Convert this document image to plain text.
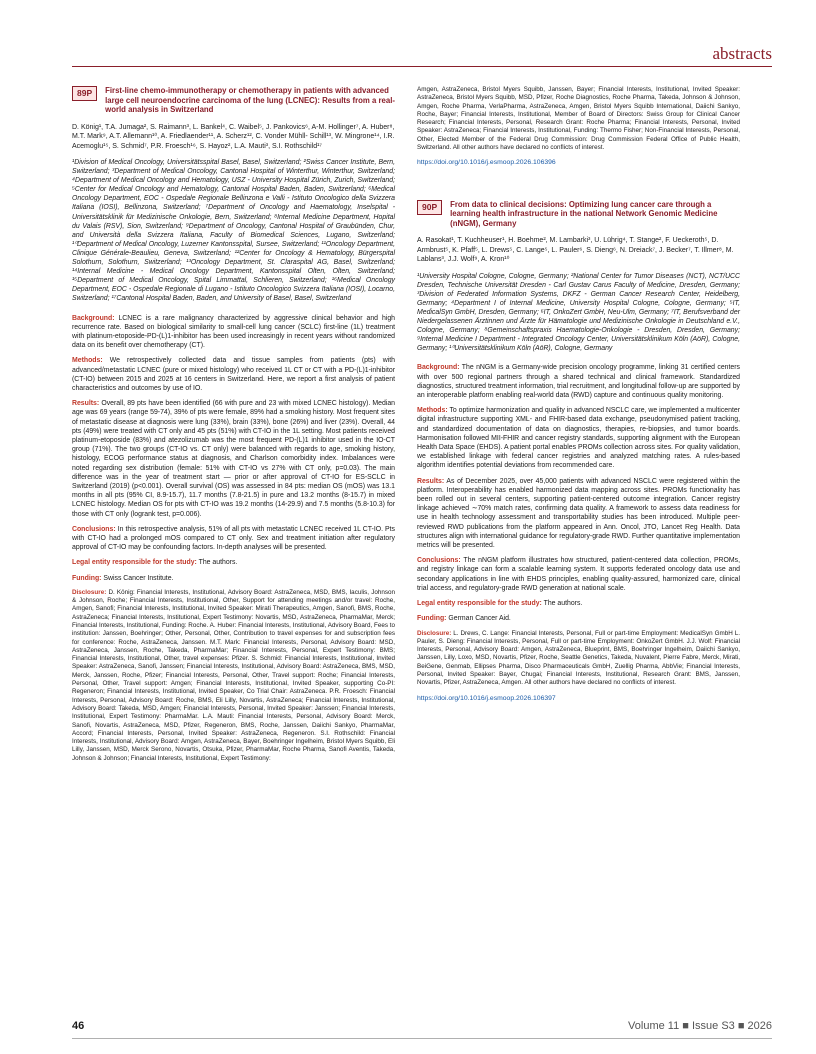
abstracts
89P	First-line chemo-immunotherapy or chemotherapy in patients with advanced large cell neuroendocrine carcinoma of the lung (LCNEC): Results from a real-world analysis in Switzerland
D. König¹, T.A. Jumaga², S. Raimann³, L. Bankel⁴, C. Waibel⁵, J. Pankovics⁶, A-M. Hollinger⁷, A. Huber⁸, M.T. Mark⁹, A.T. Allemann¹⁰, A. Friedlaender¹¹, A. Scherz¹², C. Vonder Mühll- Schill¹³, W. Mingrone¹⁴, I.R. Acemoglu¹⁵, S. Schmid⁷, P.R. Froesch¹⁶, S. Hayoz², L.A. Mauti³, S.I. Rothschild¹⁷
¹Division of Medical Oncology, Universitätsspital Basel, Basel, Switzerland; ²Swiss Cancer Institute, Bern, Switzerland; ³Department of Medical Oncology, Cantonal Hospital of Winterthur, Winterthur, Switzerland; ⁴Department of Medical Oncology and Hematology, USZ - University Hospital Zürich, Zurich, Switzerland; ⁵Center for Medical Oncology and Hematology, Cantonal Hospital Baden, Baden, Switzerland; ⁶Medical Oncology Department, EOC - Ospedale Regionale Bellinzona e Valli - Istituto Oncologico della Svizzera Italiana (IOSI), Bellinzona, Switzerland; ⁷Department of Oncology and Haematology, Inselspital - Universitätsklinik für Medizinische Onkologie, Bern, Switzerland; ⁸Internal Medicine Department, Hopital du Valais (RSV), Sion, Switzerland; ⁹Department of Oncology, Cantonal Hospital of Graubünden, Chur, and Università della Svizzera Italiana, Faculty of Biomedical Sciences, Lugano, Switzerland; ¹⁰Department of Medical Oncology, Luzerner Kantonsspital, Sursee, Switzerland; ¹¹Oncology Department, Clinique Générale-Beaulieu, Geneva, Switzerland; ¹²Center for Oncology & Hematology, Bürgerspital Solothurn, Solothurn, Switzerland; ¹³Oncology Department, St. Claraspital AG, Basel, Switzerland; ¹⁴Internal Medicine - Medical Oncology Department, Kantonsspital Olten, Olten, Switzerland; ¹⁵Department of Medical Oncology, Spital Limmattal, Schlieren, Switzerland; ¹⁶Medical Oncology Department, EOC - Ospedale Regionale di Lugano - Istituto Oncologico Svizzera Italiana (IOSI), Locarno, Switzerland; ¹⁷Cantonal Hospital Baden, Baden, and University of Basel, Basel, Switzerland

Background: LCNEC is a rare malignancy characterized by aggressive clinical behavior and high recurrence rate. Based on biological similarity to small-cell lung cancer (SCLC) first-line (1L) treatment with platinum-etoposide-PD-(L)1-inhibitor has been used increasingly in recent years without randomized data on its benefit over chemotherapy (CT).

Methods: We retrospectively collected data and tissue samples from patients (pts) with advanced/metastatic LCNEC (pure or mixed histology) who received 1L CT or CT with a PD-(L)1-inhibitor (CT-IO) between 2015 and 2025 at 16 centers in Switzerland. Here, we report a first analysis of patient characteristics and outcomes by use of IO.

Results: Overall, 89 pts have been identified (66 with pure and 23 with mixed LCNEC histology). Median age was 69 years (range 59-74), 39% of pts were female, 89% had a smoking history. Most frequent sites of metastatic disease at diagnosis were lung (33%), brain (33%), bone (26%) and liver (23%). Overall, 44 pts (49%) were treated with CT only and 45 pts (51%) with CT-IO in the 1L setting. Most patients received platinum-etoposide (83%) and atezolizumab was the most frequent PD-(L)1 inhibitor used in the IO-CT group (71%). The two groups (CT-IO vs. CT only) were balanced with regards to age, smoking history, histology, ECOG performance status at diagnosis, and Charlson comorbidity index. Imbalances were noted regarding sex distribution (female: 51% with CT-IO vs 27% with CT only, p=0.03). The main difference was in the year of treatment start — prior or after approval of CT-IO for ES-SCLC in Switzerland (2019) (p<0.001). Overall survival (OS) was assessed in 84 pts: median OS (mOS) was 13.1 months in all pts (95% CI, 8.9-15.7), 11.7 months (7.8-21.5) in pure and 13.2 months (8-15.7) in mixed LCNEC histology. Median OS for pts with CT-IO was 19.2 months (14-29.9) and 7.5 months (5.8-10.3) for those with CT only (logrank test, p=0.006).

Conclusions: In this retrospective analysis, 51% of all pts with metastatic LCNEC received 1L CT-IO. Pts with CT-IO had a prolonged mOS compared to CT only. Sex and treatment initiation after regulatory approval of CT-IO may be confounding factors. In-depth analyses will be presented.

Legal entity responsible for the study: The authors.

Funding: Swiss Cancer Institute.

Disclosure: D. König: Financial Interests, Institutional, Advisory Board: AstraZeneca, MSD, BMS, Iaculis, Johnson & Johnson, Roche; Financial Interests, Institutional, Other, Support for attending meetings and/or travel: Roche, Amgen, Sanofi; Financial Interests, Institutional, Invited Speaker: Mirati Therapeutics, Amgen, Sanofi, BMS, Roche, AstraZeneca; Financial Interests, Institutional, Expert Testimony: Novartis, MSD, AstraZeneca, PharmaMar, Merck; Financial Interests, Institutional, Funding: Roche. A. Huber: Financial Interests, Institutional, Advisory Board, Fees to institution: Janssen, Boehringer; Other, Personal, Other, Contribution to travel expenses for and subscription fees for conference: Roche, AstraZeneca, Janssen. M.T. Mark: Financial Interests, Personal, Advisory Board: MSD, AstraZeneca, Janssen, Roche, Takeda, PharmaMar; Financial Interests, Personal, Expert Testimony: BMS; Financial Interests, Institutional, Other, travel expenses: Pfizer. S. Schmid: Financial Interests, Institutional, Invited Speaker: AstraZeneca, Sanofi, Janssen; Financial Interests, Institutional, Advisory Board: AstraZeneca, BMS, MSD, Merck, Janssen, Roche, Pfizer; Financial Interests, Personal, Other, Travel support: Roche; Financial Interests, Personal, Other, Travel support: Amgen; Financial Interests, Institutional, Invited Speaker, supporting Co-PI: Regeneron; Financial Interests, Institutional, Invited Speaker, Co Trial Chair: AstraZeneca. P.R. Froesch: Financial Interests, Personal, Advisory Board: Roche, BMS, Eli Lilly, Novartis, AstraZeneca; Financial Interests, Institutional, Advisory Board: Takeda, MSD, Amgen; Financial Interests, Personal, Invited Speaker: Janssen; Financial Interests, Institutional, Expert Testimony: PharmaMar. L.A. Mauti: Financial Interests, Personal, Advisory Board: Merck, Sanofi, Novartis, AstraZeneca, MSD, Pfizer, Regeneron, BMS, Roche, Janssen, Daiichi Sankyo, PharmaMar, Accord; Financial Interests, Personal, Invited Speaker: AstraZeneca, Regeneron. S.I. Rothschild: Financial Interests, Institutional, Advisory Board: Amgen, AstraZeneca, Bayer, Boehringer Ingelheim, Bristol Myers Squibb, Eli Lilly, Janssen, MSD, Merck Serono, Novartis, Otsuka, Pfizer, PharmaMar, Roche Pharma, Sanofi Aventis, Takeda, Johnson & Johnson; Financial Interests, Institutional, Expert Testimony:

Amgen, AstraZeneca, Bristol Myers Squibb, Janssen, Bayer; Financial Interests, Institutional, Invited Speaker: AstraZeneca, Bristol Myers Squibb, MSD, Pfizer, Roche Diagnostics, Roche Pharma, Takeda, Johnson & Johnson, Amgen, Roche Pharma, VerlaPharma, AstraZeneca, Amgen, Bristol Myers Squibb International, Daiichi Sankyo, Roche, Bayer; Financial Interests, Institutional, Member of Board of Directors: Swiss Group for Clinical Cancer Research; Financial Interests, Personal, Research Grant: Roche Pharma; Financial Interests, Personal, Invited Speaker: AstraZeneca; Financial Interests, Institutional, Funding: Thermo Fisher; Non-Financial Interests, Personal, Other, Elected Member of the Federal Drug Commission: Drug Commission Federal Office of Public Health, Switzerland. All other authors have declared no conflicts of interest.

https://doi.org/10.1016/j.esmoop.2026.106396
90P	From data to clinical decisions: Optimizing lung cancer care through a learning health infrastructure in the national Network Genomic Medicine (nNGM), Germany
A. Rasokat¹, T. Kuchheuser¹, H. Boehme², M. Lambarki³, U. Lührig⁴, T. Stange², F. Ueckeroth⁵, D. Armbrust⁵, K. Pfaff⁵, L. Drews⁵, C. Lange⁵, L. Pauler⁶, S. Dieng⁶, N. Dreiack⁷, J. Becker⁷, T. Illmer⁸, M. Lablans³, J.J. Wolf⁹, A. Kron¹⁰
¹University Hospital Cologne, Cologne, Germany; ²National Center for Tumor Diseases (NCT), NCT/UCC Dresden, Technische Universität Dresden - Carl Gustav Carus Faculty of Medicine, Dresden, Germany; ³Division of Federated Information Systems, DKFZ - German Cancer Research Center, Heidelberg, Germany; ⁴Department I of Internal Medicine, University Hospital Cologne, Cologne, Germany; ⁵IT, MedicalSyn GmbH, Dresden, Germany; ⁶IT, OnkoZert GmbH, Neu-Ulm, Germany; ⁷IT, Berufsverband der Niedergelassenen Ärztinnen und Ärzte für Hämatologie und Medizinische Onkologie in Deutschland e.V., Cologne, Germany; ⁸Gemeinschaftspraxis Haematologie-Onkologie - Dresden, Dresden, Germany; ⁹Internal Medicine I Department - Integrated Oncology Center, Universitätsklinikum Köln (AöR), Cologne, Germany; ¹⁰Universitätsklinikum Köln (AöR), Cologne, Germany

Background: The nNGM is a Germany-wide precision oncology programme, linking 31 certified centers with over 500 regional partners through a shared technical and clinical framework. Standardized diagnostics, structured treatment information, trial recruitment, and longitudinal follow-up are supported by an interoperable platform enabling real-world data (RWD) capture and continuous quality monitoring.

Methods: To optimize harmonization and quality in advanced NSCLC care, we implemented a multicenter digital infrastructure supporting XML- and FHIR-based data exchange, pseudonymised patient tracking, and standardized documentation of data on diagnostics, therapies, re-biopsies, and tumor boards. Harmonisation followed MII-FHIR and cancer registry standards, supporting alignment with the European Health Data Space (EHDS). A patient portal enables PROMs collection across sites. For quality validation, we established linkage with federal cancer registries and analyzed matching rates. A rules-based algorithm identifies potential deviations from recommended care.

Results: As of December 2025, over 45,000 patients with advanced NSCLC were registered within the platform. Interoperability has enabled harmonized data mapping across sites. PROMs functionality has been rolled out in several centers, supporting patient-centered outcome integration. Cancer registry linkage achieved ∼70% match rates, confirming data quality. A framework to assess data readiness for use in health technology assessment and transportability studies has been introduced. Multiple peer-reviewed RWD publications from the platform appeared in Ann. Oncol, JTO, Lancet Reg Health. Data structures align with international guidance for regulatory-grade RWD. Further quantitative implementation metrics will be presented.

Conclusions: The nNGM platform illustrates how structured, patient-centered data collection, PROMs, and registry linkage can form a scalable learning system. It supports federated oncology data use and secondary applications in line with EHDS principles, enabling quality-assured, harmonized care, clinical trial access, and regulatory-grade RWD generation at national scale.

Legal entity responsible for the study: The authors.

Funding: German Cancer Aid.

Disclosure: L. Drews, C. Lange: Financial Interests, Personal, Full or part-time Employment: MedicalSyn GmbH L. Pauler, S. Dieng: Financial Interests, Personal, Full or part-time Employment: OnkoZert GmbH. J.J. Wolf: Financial Interests, Personal, Advisory Board: Amgen, AstraZeneca, Blueprint, BMS, Boehringer Ingelheim, Daiichi Sankyo, Janssen, Lilly, Loxo, MSD, Novartis, Pfizer, Roche, Seattle Genetics, Takeda, Nuvalent, Pierre Fabre, Merck, Mirati, BeiGene, Genmab, Ellipses Pharma, Disco Pharmaceuticals GmbH, Zuellig Pharma, AbbVie; Financial Interests, Personal, Invited Speaker: Bayer, Chugai; Financial Interests, Institutional, Research Grant: BMS, Janssen, Novartis, Pfizer, AstraZeneca, Amgen. All other authors have declared no conflicts of interest.

https://doi.org/10.1016/j.esmoop.2026.106397
46	Volume 11 ■ Issue S3 ■ 2026
